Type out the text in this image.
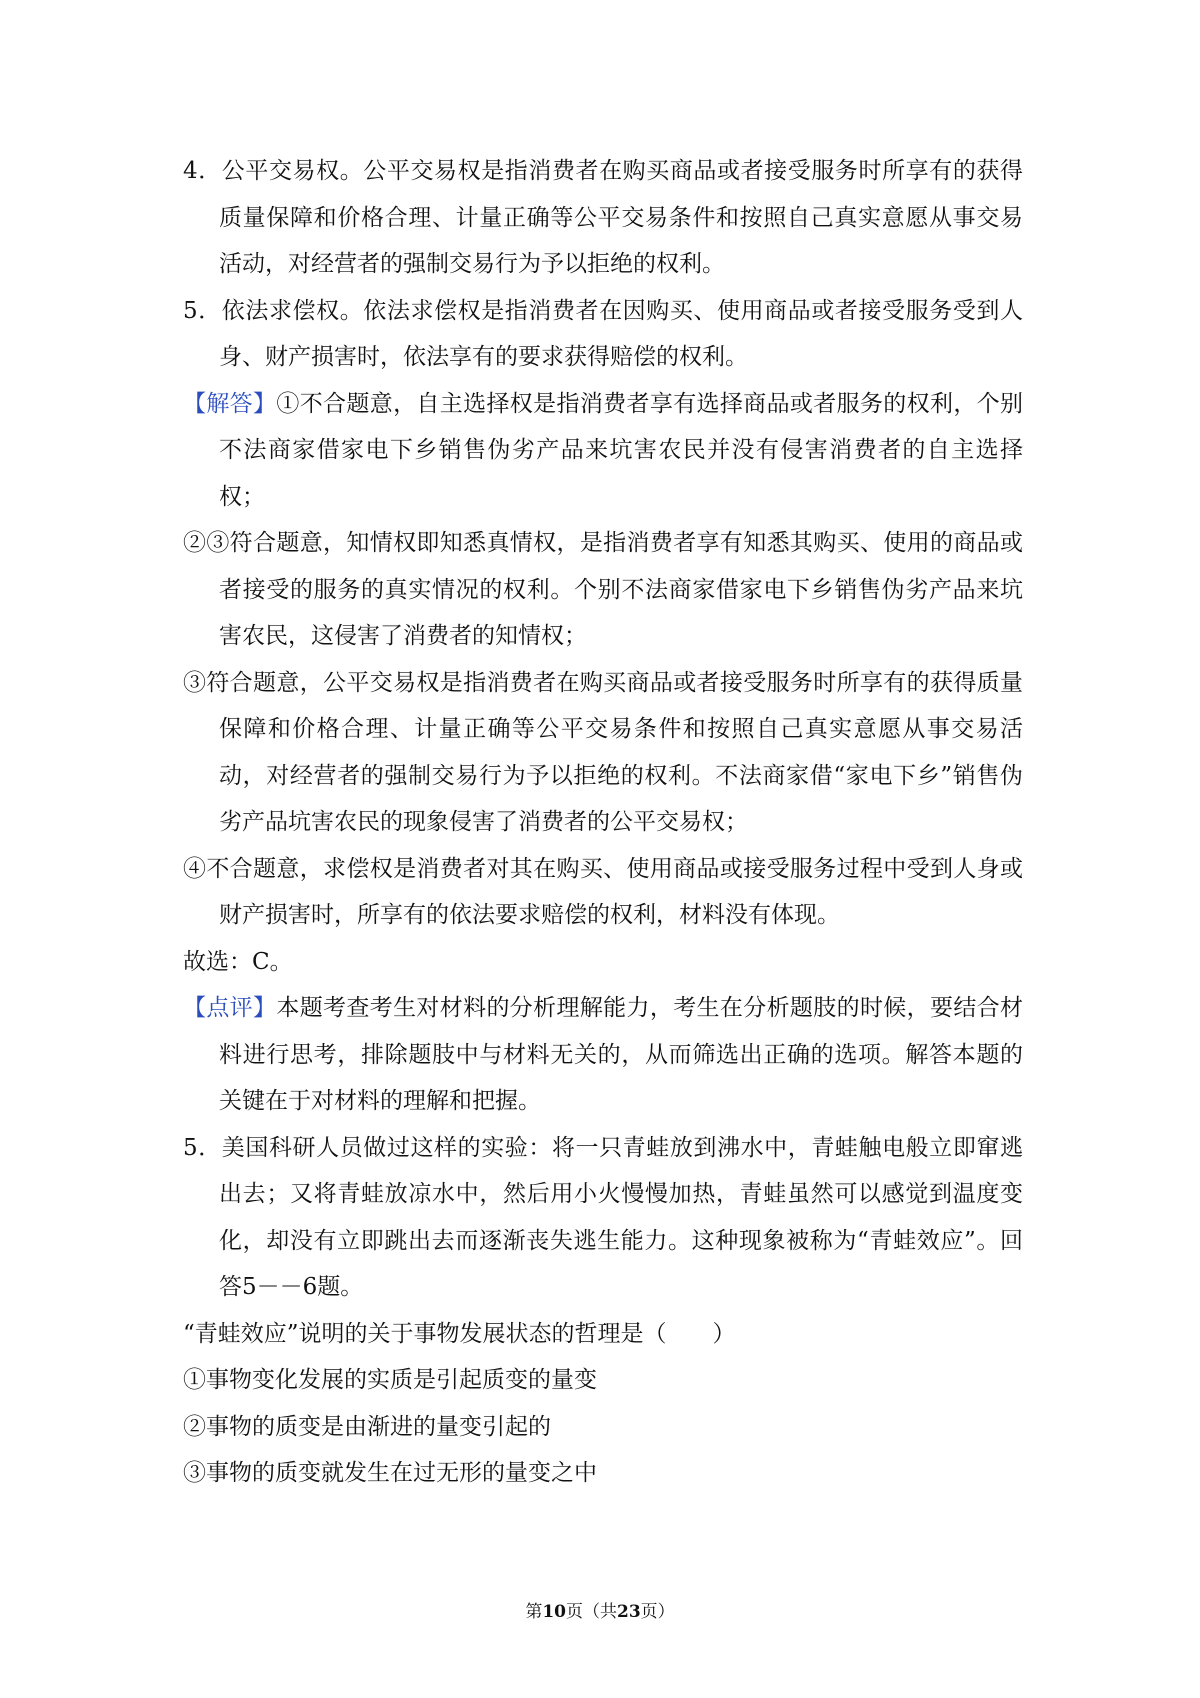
4．公平交易权。公平交易权是指消费者在购买商品或者接受服务时所享有的获得质量保障和价格合理、计量正确等公平交易条件和按照自己真实意愿从事交易活动，对经营者的强制交易行为予以拒绝的权利。

5．依法求偿权。依法求偿权是指消费者在因购买、使用商品或者接受服务受到人身、财产损害时，依法享有的要求获得赔偿的权利。

【解答】①不合题意，自主选择权是指消费者享有选择商品或者服务的权利，个别不法商家借家电下乡销售伪劣产品来坑害农民并没有侵害消费者的自主选择权；

②③符合题意，知情权即知悉真情权，是指消费者享有知悉其购买、使用的商品或者接受的服务的真实情况的权利。个别不法商家借家电下乡销售伪劣产品来坑害农民，这侵害了消费者的知情权；

③符合题意，公平交易权是指消费者在购买商品或者接受服务时所享有的获得质量保障和价格合理、计量正确等公平交易条件和按照自己真实意愿从事交易活动，对经营者的强制交易行为予以拒绝的权利。不法商家借“家电下乡”销售伪劣产品坑害农民的现象侵害了消费者的公平交易权；

④不合题意，求偿权是消费者对其在购买、使用商品或接受服务过程中受到人身或财产损害时，所享有的依法要求赔偿的权利，材料没有体现。

故选：C。

【点评】本题考查考生对材料的分析理解能力，考生在分析题肢的时候，要结合材料进行思考，排除题肢中与材料无关的，从而筛选出正确的选项。解答本题的关键在于对材料的理解和把握。

5．美国科研人员做过这样的实验：将一只青蛙放到沸水中，青蛙触电般立即窜逃出去；又将青蛙放凉水中，然后用小火慢慢加热，青蛙虽然可以感觉到温度变化，却没有立即跳出去而逐渐丧失逃生能力。这种现象被称为“青蛙效应”。回答5－－6题。

“青蛙效应”说明的关于事物发展状态的哲理是（　　）

①事物变化发展的实质是引起质变的量变

②事物的质变是由渐进的量变引起的

③事物的质变就发生在过无形的量变之中

第10页（共23页）
